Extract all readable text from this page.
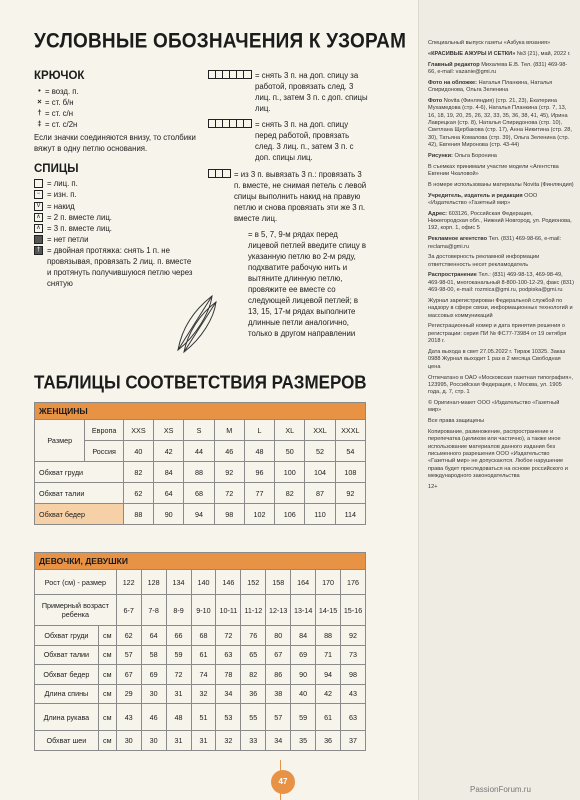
УСЛОВНЫЕ ОБОЗНАЧЕНИЯ К УЗОРАМ
КРЮЧОК
• = возд. п.
× = ст. б/н
† = ст. с/н
‡ = ст. с/2н
Если значки соединяются внизу, то столбики вяжут в одну петлю основания.
СПИЦЫ
= лиц. п.
− = изн. п.
V = накид
∧ = 2 п. вместе лиц.
∧ = 3 п. вместе лиц.
= нет петли
† = двойная протяжка: снять 1 п. не провязывая, провязать 2 лиц. п. вместе и протянуть получившуюся петлю через снятую
= снять 3 п. на доп. спицу за работой, провязать след. 3 лиц. п., затем 3 п. с доп. спицы лиц.
= снять 3 п. на доп. спицу перед работой, провязать след. 3 лиц. п., затем 3 п. с доп. спицы лиц.
= из 3 п. вывязать 3 п.: провязать 3 п. вместе, не снимая петель с левой спицы выполнить накид на правую петлю и снова провязать эти же 3 п. вместе лиц.
= в 5, 7, 9-м рядах перед лицевой петлей введите спицу в указанную петлю во 2-м ряду, подхватите рабочую нить и вытяните длинную петлю, провяжите ее вместе со следующей лицевой петлей; в 13, 15, 17-м рядах выполните длинные петли аналогично, только в другом направлении
ТАБЛИЦЫ СООТВЕТСТВИЯ РАЗМЕРОВ
ЖЕНЩИНЫ									
Размер	Европа	XXS	XS	S	M	L	XL	XXL	XXXL
	Россия	40	42	44	46	48	50	52	54
Обхват груди		82	84	88	92	96	100	104	108
Обхват талии		62	64	68	72	77	82	87	92
Обхват бедер		88	90	94	98	102	106	110	114
ДЕВОЧКИ, ДЕВУШКИ											
Рост (см) - размер		122	128	134	140	146	152	158	164	170	176
Примерный возраст ребенка		6-7	7-8	8-9	9-10	10-11	11-12	12-13	13-14	14-15	15-16
Обхват груди	см	62	64	66	68	72	76	80	84	88	92
Обхват талии	см	57	58	59	61	63	65	67	69	71	73
Обхват бедер	см	67	69	72	74	78	82	86	90	94	98
Длина спины	см	29	30	31	32	34	36	38	40	42	43
Длина рукава	см	43	46	48	51	53	55	57	59	61	63
Обхват шеи	см	30	30	31	31	32	33	34	35	36	37
47

Специальный выпуск газеты «Азбука вязания»

«КРАСИВЫЕ АЖУРЫ И СЕТКИ» №3 (21), май, 2022 г.

Главный редактор Михалева Е.В. Тел. (831) 469-98-66, e-mail: vazanie@gmi.ru

Фото на обложке: Наталья Планкина, Наталья Спиридонова, Ольга Зеленина

Фото Novita (Финляндия) (стр. 21, 23), Екатерина Мухамедова (стр. 4-6), Наталья Планкина (стр. 7, 13, 16, 18, 19, 20, 25, 26, 32, 33, 35, 36, 38, 41, 45), Ирина Лаврецкая (стр. 8), Наталья Спиридонова (стр. 10), Светлана Щербакова (стр. 17), Анна Никитина (стр. 28, 30), Татьяна Комалова (стр. 39), Ольга Зеленина (стр. 42), Евгения Миронова (стр. 43-44)

Рисунки: Ольга Боронина

В съемках принимали участие модели «Агентства Евгении Чкаловой»

В номере использованы материалы Novita (Финляндия)

Учредитель, издатель и редакция ООО «Издательство «Газетный мир»

Адрес: 603126, Российская Федерация, Нижегородская обл., Нижний Новгород, ул. Родионова, 192, корп. 1, офис 5

Рекламное агентство Тел. (831) 469-98-66, e-mail: reclama@gmi.ru

За достоверность рекламной информации ответственность несет рекламодатель

Распространение Тел.: (831) 469-98-13, 469-98-49, 469-98-01, многоканальный 8-800-100-12-29, факс (831) 469-98-00, e-mail: rozmica@gmi.ru, podpiska@gmi.ru

Журнал зарегистрирован Федеральной службой по надзору в сфере связи, информационных технологий и массовых коммуникаций

Регистрационный номер и дата принятия решения о регистрации: серия ПИ № ФС77-73984 от 19 октября 2018 г.

Дата выхода в свет 27.05.2022 г. Тираж 10325. Заказ 0988 Журнал выходит 1 раз в 2 месяца Свободная цена

Отпечатано в ОАО «Московская газетная типография», 123995, Российская Федерация, г. Москва, ул. 1905 года, д. 7, стр. 1

© Оригинал-макет ООО «Издательство «Газетный мир»

Все права защищены

Копирование, размножение, распространение и перепечатка (целиком или частично), а также иное использование материалов данного издания без письменного разрешения ООО «Издательство «Газетный мир» не допускаются. Любое нарушение права будет преследоваться на основе российского и международного законодательства

12+

PassionForum.ru
